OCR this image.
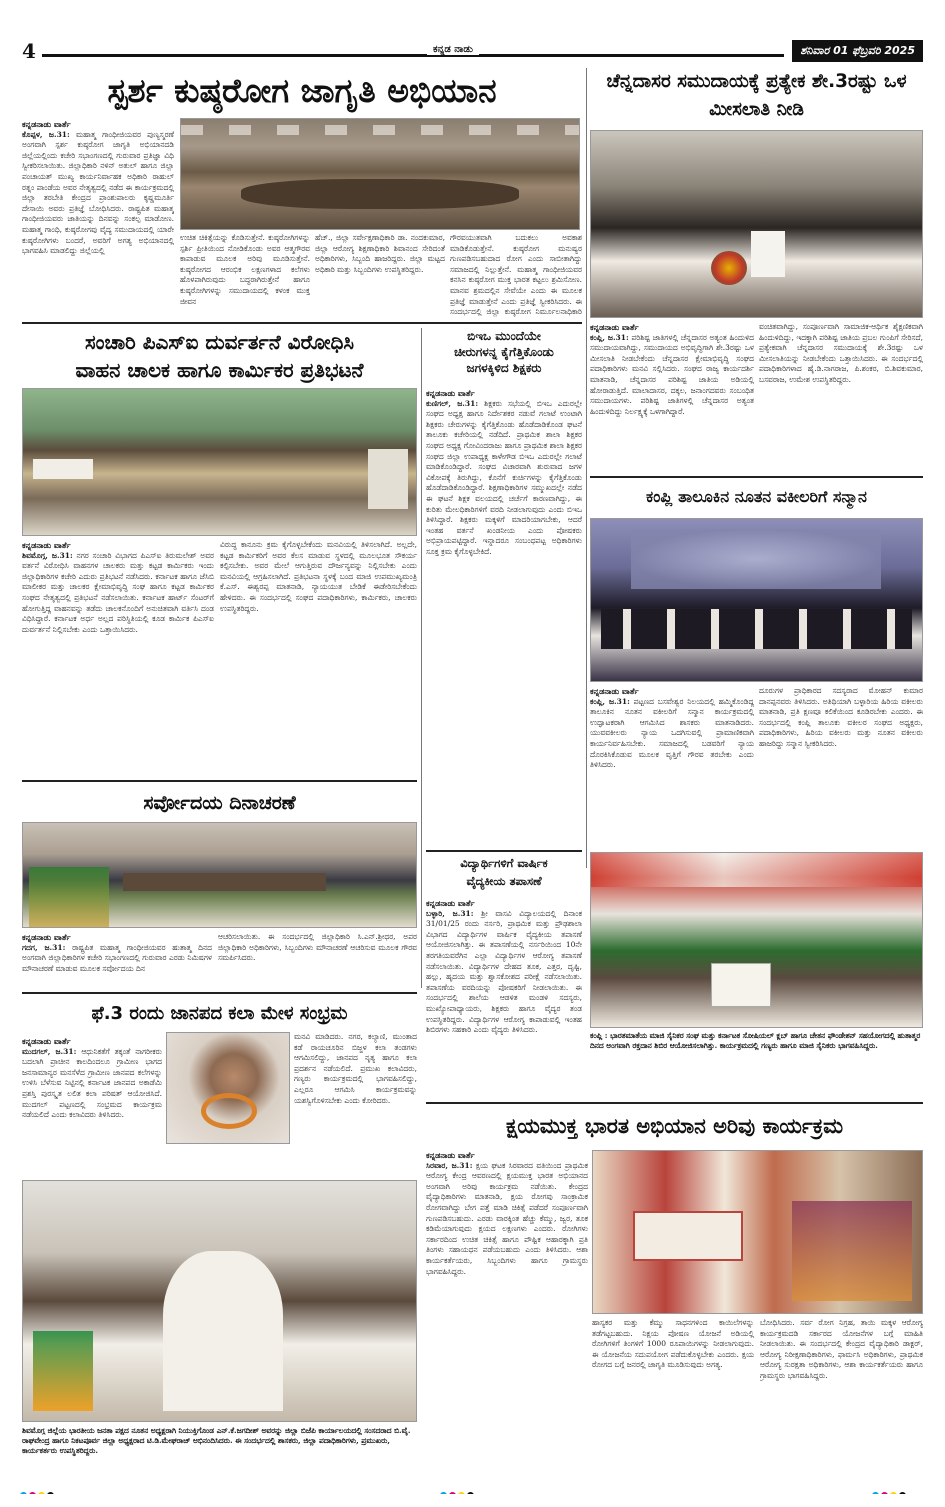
4	ಕನ್ನಡ ನಾಡು	ಶನಿವಾರ 01 ಫೆಬ್ರವರಿ 2025
ಸ್ಪರ್ಶ ಕುಷ್ಠರೋಗ ಜಾಗೃತಿ ಅಭಿಯಾನ
ಕನ್ನಡನಾಡು ವಾರ್ತೆ
ಕೊಪ್ಪಳ, ಜ.31: ಮಹಾತ್ಮ ಗಾಂಧೀಜಿಯವರ ಪುಣ್ಯಸ್ಮರಣೆ ಅಂಗವಾಗಿ ಸ್ಪರ್ಶ ಕುಷ್ಠರೋಗ ಜಾಗೃತಿ ಅಭಿಯಾನದಡಿ ಜಿಲ್ಲೆಯಲ್ಲಿಂದು ಕಚೇರಿ ಸಭಾಂಗಣದಲ್ಲಿ ಗುರುವಾರ ಪ್ರತಿಜ್ಞಾ ವಿಧಿ ಸ್ವೀಕರಿಸಲಾಯಿತು. ಜಿಲ್ಲಾಧಿಕಾರಿ ನಳಿನ್ ಅತುಲ್ ಹಾಗೂ ಜಿಲ್ಲಾ ಪಂಚಾಯತ್ ಮುಖ್ಯ ಕಾರ್ಯನಿರ್ವಾಹಕ ಅಧಿಕಾರಿ ರಾಹುಲ್ ರತ್ನಂ ಪಾಂಡೆಯ ಅವರ ನೇತೃತ್ವದಲ್ಲಿ ನಡೆದ ಈ ಕಾರ್ಯಕ್ರಮದಲ್ಲಿ ಜಿಲ್ಲಾ ತರಬೇತಿ ಕೇಂದ್ರದ ಪ್ರಾಂಶುಪಾಲರು ಕೃಷ್ಣಮೂರ್ತಿ ದೇಸಾಯಿ ಅವರು ಪ್ರತಿಜ್ಞೆ ಬೋಧಿಸಿದರು. ರಾಷ್ಟ್ರಪಿತ ಮಹಾತ್ಮ ಗಾಂಧೀಜಿಯವರು ಜಾತಿಯನ್ನು ದಿನವನ್ನು ಸಂಕಲ್ಪ ಮಾಡೋಣ. ಮಹಾತ್ಮ ಗಾಂಧಿ, ಕುಷ್ಠರೋಗವು ವೈದ್ಯ ಸಮುದಾಯದಲ್ಲಿ ಯಾರೇ ಕುಷ್ಠರೋಗಿಗಳು ಬಂದರೆ, ಅವರಿಗೆ ಅಗತ್ಯ ಅಭಿಯಾನದಲ್ಲಿ ಭಾಗವಹಿಸಿ ಮಾಡಲಿದ್ದು ಜಿಲ್ಲೆಯಲ್ಲಿ
ಉಚಿತ ಚಿಕಿತ್ಸೆಯನ್ನು ಕೊಡಿಸುತ್ತೇನೆ. ಕುಷ್ಠರೋಗಿಗಳನ್ನು ಸ್ಪರ್ಶಿ ಪ್ರೀತಿಯಿಂದ ನೋಡಿಕೊಂಡು ಅವರ ಆತ್ಮಗೌರವ ಕಾಪಾಡುವ ಮೂಲಕ ಅರಿವು ಮೂಡಿಸುತ್ತೇನೆ. ಕುಷ್ಠರೋಗದ ಆರಂಭಿಕ ಲಕ್ಷಣಗಳಾದ ಕಲೆಗಳು ಹೊಳಪಾಗಿರುವುದು ಬದ್ಧರಾಗಿರುತ್ತೇನೆ ಹಾಗೂ ಕುಷ್ಠರೋಗಿಗಳನ್ನು ಸಮುದಾಯದಲ್ಲಿ ಕಳಂಕ ಮುಕ್ತ ಜೀವನ
ಹೆಚ್., ಜಿಲ್ಲಾ ಸರ್ವೇಕ್ಷಣಾಧಿಕಾರಿ ಡಾ. ನಂದಕುಮಾರ, ಜಿಲ್ಲಾ ಆರೋಗ್ಯ ಶಿಕ್ಷಣಾಧಿಕಾರಿ ಶಿವಾನಂದ ಸೇರಿದಂತೆ ಅಧಿಕಾರಿಗಳು, ಸಿಬ್ಬಂದಿ ಹಾಜರಿದ್ದರು. ಜಿಲ್ಲಾ ಮಟ್ಟದ ಅಧಿಕಾರಿ ಮತ್ತು ಸಿಬ್ಬಂದಿಗಳು ಉಪಸ್ಥಿತರಿದ್ದರು.
ಗೌರವಯುತವಾಗಿ ಬದುಕಲು ಅವಕಾಶ ಮಾಡಿಕೊಡುತ್ತೇನೆ. ಕುಷ್ಠರೋಗ ಮನುಷ್ಯರ ಗುಣಪಡಿಸಬಹುದಾದ ರೋಗ ಎಂದು ಸಾಬೀತಾಗಿದ್ದು ಸಮಾಜದಲ್ಲಿ ನಿಲ್ಲುತ್ತೇನೆ. ಮಹಾತ್ಮ ಗಾಂಧೀಜಿಯವರ ಕನಸಿನ ಕುಷ್ಠರೋಗ ಮುಕ್ತ ಭಾರತ ಕಟ್ಟಲು ಶ್ರಮಿಸೋಣ. ಮಾನವ ಶ್ರಮದಲ್ಲಿನ ಸೇವೆಯೇ ಎಂದು ಈ ಮೂಲಕ ಪ್ರತಿಜ್ಞೆ ಮಾಡುತ್ತೇನೆ ಎಂದು ಪ್ರತಿಜ್ಞೆ ಸ್ವೀಕರಿಸಿದರು. ಈ ಸಂದರ್ಭದಲ್ಲಿ ಜಿಲ್ಲಾ ಕುಷ್ಠರೋಗ ನಿರ್ಮೂಲನಾಧಿಕಾರಿ
ಚೆನ್ನದಾಸರ ಸಮುದಾಯಕ್ಕೆ ಪ್ರತ್ಯೇಕ ಶೇ.3ರಷ್ಟು ಒಳ ಮೀಸಲಾತಿ ನೀಡಿ
ಕನ್ನಡನಾಡು ವಾರ್ತೆ
ಕಂಪ್ಲಿ, ಜ.31: ಪರಿಶಿಷ್ಟ ಜಾತಿಗಳಲ್ಲಿ ಚೆನ್ನದಾಸರ ಅತ್ಯಂತ ಹಿಂದುಳಿದ ಸಮುದಾಯವಾಗಿದ್ದು, ಸಮುದಾಯದ ಅಭಿವೃದ್ಧಿಗಾಗಿ ಶೇ.3ರಷ್ಟು ಒಳ ಮೀಸಲಾತಿ ನೀಡಬೇಕೆಂದು ಚೆನ್ನದಾಸರ ಕ್ಷೇಮಾಭಿವೃದ್ಧಿ ಸಂಘದ ಪದಾಧಿಕಾರಿಗಳು ಮನವಿ ಸಲ್ಲಿಸಿದರು. ಸಂಘದ ರಾಜ್ಯ ಕಾರ್ಯದರ್ಶಿ ಮಾತನಾಡಿ, ಚೆನ್ನದಾಸರ ಪರಿಶಿಷ್ಟ ಜಾತಿಯ ಅಡಿಯಲ್ಲಿ ಹೋರಾಡುತ್ತಿದೆ. ಮಾಲಾದಾಸರ, ದಕ್ಕಲ, ಜನಾಂಗದವರು ಸಂಬಂಧಿತ ಸಮುದಾಯಗಳು. ಪರಿಶಿಷ್ಟ ಜಾತಿಗಳಲ್ಲಿ ಚೆನ್ನದಾಸರ ಅತ್ಯಂತ ಹಿಂದುಳಿದಿದ್ದು ನಿರ್ಲಕ್ಷ್ಯಕ್ಕೆ ಒಳಗಾಗಿದ್ದಾರೆ.
ವಂಚಿತವಾಗಿದ್ದು, ಸಂಪೂರ್ಣವಾಗಿ ಸಾಮಾಜಿಕ-ಆರ್ಥಿಕ ಶೈಕ್ಷಣಿಕವಾಗಿ ಹಿಂದುಳಿದಿದ್ದು, ಇದಕ್ಕಾಗಿ ಪರಿಶಿಷ್ಟ ಜಾತಿಯ ಪ್ರಬಲ ಗುಂಪಿಗೆ ಸೇರಿಸದೆ, ಪ್ರತ್ಯೇಕವಾಗಿ ಚೆನ್ನದಾಸರ ಸಮುದಾಯಕ್ಕೆ ಶೇ.3ರಷ್ಟು ಒಳ ಮೀಸಲಾತಿಯನ್ನು ನೀಡಬೇಕೆಂದು ಒತ್ತಾಯಿಸಿದರು. ಈ ಸಂದರ್ಭದಲ್ಲಿ ಪದಾಧಿಕಾರಿಗಳಾದ ಹೈ.ಡಿ.ನಾಗರಾಜ, ಪಿ.ಶಂಕರ, ಬಿ.ಶಿವಕುಮಾರ, ಬಸವರಾಜ, ಉಮೇಶ ಉಪಸ್ಥಿತರಿದ್ದರು.
ಸಂಚಾರಿ ಪಿಎಸ್‌ಐ ದುರ್ವರ್ತನೆ ವಿರೋಧಿಸಿ
ವಾಹನ ಚಾಲಕ ಹಾಗೂ ಕಾರ್ಮಿಕರ ಪ್ರತಿಭಟನೆ
ಕನ್ನಡನಾಡು ವಾರ್ತೆ
ಶಿವಮೊಗ್ಗ, ಜ.31: ನಗರ ಸಂಚಾರಿ ವಿಭಾಗದ ಪಿಎಸ್‌ಐ ತಿರುಮಲೇಶ್ ಅವರ ವರ್ತನೆ ವಿರೋಧಿಸಿ ವಾಹನಗಳ ಚಾಲಕರು ಮತ್ತು ಕಟ್ಟಡ ಕಾರ್ಮಿಕರು ಇಂದು ಜಿಲ್ಲಾಧಿಕಾರಿಗಳ ಕಚೇರಿ ಎದುರು ಪ್ರತಿಭಟನೆ ನಡೆಸಿದರು. ಕರ್ನಾಟಕ ಹಾಗೂ ಜೆಸಿಬಿ ಮಾಲೀಕರ ಮತ್ತು ಚಾಲಕರ ಕ್ಷೇಮಾಭಿವೃದ್ಧಿ ಸಂಘ ಹಾಗೂ ಕಟ್ಟಡ ಕಾರ್ಮಿಕರ ಸಂಘದ ನೇತೃತ್ವದಲ್ಲಿ ಪ್ರತಿಭಟನೆ ನಡೆಸಲಾಯಿತು. ಕರ್ನಾಟಕ ಹಾರ್ಟ್ ಸೆಂಟರ್‌ಗೆ ಹೋಗುತ್ತಿದ್ದ ವಾಹನವನ್ನು ತಡೆದು ಚಾಲಕನೊಂದಿಗೆ ಅನುಚಿತವಾಗಿ ವರ್ತಿಸಿ ದಂಡ ವಿಧಿಸಿದ್ದಾರೆ. ಕರ್ನಾಟಕ ಅರ್ಧ ಅಲ್ಲದ ಪರಿಸ್ಥಿತಿಯಲ್ಲಿ ಕೂಡ ಕಾರ್ಮಿಕ ಪಿಎಸ್‌ಐ ದುರ್ವರ್ತನೆ ನಿಲ್ಲಿಸಬೇಕು ಎಂದು ಒತ್ತಾಯಿಸಿದರು.
ವಿರುದ್ಧ ಕಾನೂನು ಕ್ರಮ ಕೈಗೊಳ್ಳಬೇಕೆಂದು ಮನವಿಯಲ್ಲಿ ತಿಳಿಸಲಾಗಿದೆ. ಅಲ್ಲದೇ, ಕಟ್ಟಡ ಕಾರ್ಮಿಕರಿಗೆ ಅವರ ಕೆಲಸ ಮಾಡುವ ಸ್ಥಳದಲ್ಲಿ ಮೂಲಭೂತ ಸೌಕರ್ಯ ಕಲ್ಪಿಸಬೇಕು. ಅವರ ಮೇಲೆ ಆಗುತ್ತಿರುವ ದೌರ್ಜನ್ಯವನ್ನು ನಿಲ್ಲಿಸಬೇಕು ಎಂದು ಮನವಿಯಲ್ಲಿ ಆಗ್ರಹಿಸಲಾಗಿದೆ. ಪ್ರತಿಭಟನಾ ಸ್ಥಳಕ್ಕೆ ಬಂದ ಮಾಜಿ ಉಪಮುಖ್ಯಮಂತ್ರಿ ಕೆ.ಎಸ್. ಈಶ್ವರಪ್ಪ ಮಾತನಾಡಿ, ನ್ಯಾಯಯುತ ಬೇಡಿಕೆ ಈಡೇರಿಸಬೇಕೆಂದು ಹೇಳಿದರು. ಈ ಸಂದರ್ಭದಲ್ಲಿ ಸಂಘದ ಪದಾಧಿಕಾರಿಗಳು, ಕಾರ್ಮಿಕರು, ಚಾಲಕರು ಉಪಸ್ಥಿತರಿದ್ದರು.
ಬಿಇಒ ಮುಂದೆಯೇ
ಚೀರುಗಳನ್ನ ಕೈಗೆತ್ತಿಕೊಂಡು
ಜಗಳಕ್ಕಿಳಿದ ಶಿಕ್ಷಕರು
ಕನ್ನಡನಾಡು ವಾರ್ತೆ
ಕುಣಿಗಲ್, ಜ.31: ಶಿಕ್ಷಕರು ಸಭೆಯಲ್ಲಿ ಬಿಇಒ ಎದುರಲ್ಲೇ ಸಂಘದ ಅಧ್ಯಕ್ಷ ಹಾಗೂ ನಿರ್ದೇಶಕರ ನಡುವೆ ಗಲಾಟೆ ಉಂಟಾಗಿ ಶಿಕ್ಷಕರು ಚೇರುಗಳನ್ನು ಕೈಗೆತ್ತಿಕೊಂಡು ಹೊಡೆದಾಡಿಕೊಂಡ ಘಟನೆ ತಾಲೂಕು ಕಚೇರಿಯಲ್ಲಿ ನಡೆದಿದೆ. ಪ್ರಾಥಮಿಕ ಶಾಲಾ ಶಿಕ್ಷಕರ ಸಂಘದ ಅಧ್ಯಕ್ಷ ಗೋವಿಂದರಾಜು ಹಾಗೂ ಪ್ರಾಥಮಿಕ ಶಾಲಾ ಶಿಕ್ಷಕರ ಸಂಘದ ಜಿಲ್ಲಾ ಉಪಾಧ್ಯಕ್ಷ ಕಾಳೇಗೌಡ ಬಿಇಒ ಎದುರಲ್ಲೇ ಗಲಾಟೆ ಮಾಡಿಕೊಂಡಿದ್ದಾರೆ. ಸಂಘದ ವಿಚಾರವಾಗಿ ಶುರುವಾದ ಜಗಳ ವಿಕೋಪಕ್ಕೆ ತಿರುಗಿದ್ದು, ಕೊನೆಗೆ ಕುರ್ಚಿಗಳನ್ನು ಕೈಗೆತ್ತಿಕೊಂಡು ಹೊಡೆದಾಡಿಕೊಂಡಿದ್ದಾರೆ. ಶಿಕ್ಷಣಾಧಿಕಾರಿಗಳ ಸಮ್ಮುಖದಲ್ಲೇ ನಡೆದ ಈ ಘಟನೆ ಶಿಕ್ಷಕ ವಲಯದಲ್ಲಿ ಚರ್ಚೆಗೆ ಕಾರಣವಾಗಿದ್ದು, ಈ ಕುರಿತು ಮೇಲಧಿಕಾರಿಗಳಿಗೆ ವರದಿ ನೀಡಲಾಗುವುದು ಎಂದು ಬಿಇಒ ತಿಳಿಸಿದ್ದಾರೆ. ಶಿಕ್ಷಕರು ಮಕ್ಕಳಿಗೆ ಮಾದರಿಯಾಗಬೇಕು, ಆದರೆ ಇಂತಹ ವರ್ತನೆ ಖಂಡನೀಯ ಎಂದು ಪೋಷಕರು ಅಭಿಪ್ರಾಯಪಟ್ಟಿದ್ದಾರೆ. ಇನ್ನಾದರೂ ಸಂಬಂಧಪಟ್ಟ ಅಧಿಕಾರಿಗಳು ಸೂಕ್ತ ಕ್ರಮ ಕೈಗೊಳ್ಳಬೇಕಿದೆ.
ಕಂಪ್ಲಿ ತಾಲೂಕಿನ ನೂತನ ವಕೀಲರಿಗೆ ಸನ್ಮಾನ
ಕನ್ನಡನಾಡು ವಾರ್ತೆ
ಕಂಪ್ಲಿ, ಜ.31: ಪಟ್ಟಣದ ಬಸವೇಶ್ವರ ನಿಲಯದಲ್ಲಿ ಹಮ್ಮಿಕೊಂಡಿದ್ದ ತಾಲೂಕಿನ ನೂತನ ವಕೀಲರಿಗೆ ಸನ್ಮಾನ ಕಾರ್ಯಕ್ರಮದಲ್ಲಿ ಉದ್ಘಾಟಕರಾಗಿ ಆಗಮಿಸಿದ ಶಾಸಕರು ಮಾತನಾಡಿದರು. ಯುವವಕೀಲರು ನ್ಯಾಯ ಒದಗಿಸುವಲ್ಲಿ ಪ್ರಾಮಾಣಿಕವಾಗಿ ಕಾರ್ಯನಿರ್ವಹಿಸಬೇಕು. ಸಮಾಜದಲ್ಲಿ ಬಡವರಿಗೆ ನ್ಯಾಯ ದೊರಕಿಸಿಕೊಡುವ ಮೂಲಕ ವೃತ್ತಿಗೆ ಗೌರವ ತರಬೇಕು ಎಂದು ತಿಳಿಸಿದರು.
ದೂರುಗಳ ಪ್ರಾಧಿಕಾರದ ಸದಸ್ಯರಾದ ಮೋಹನ್ ಕುಮಾರ ದಾನಪ್ಪನವರು ತಿಳಿಸಿದರು. ಅತಿಥಿಯಾಗಿ ಬಳ್ಳಾರಿಯ ಹಿರಿಯ ವಕೀಲರು ಮಾತನಾಡಿ, ಪ್ರತಿ ಕ್ಷಣವೂ ಕಲಿಕೆಯಿಂದ ಕೂಡಿರಬೇಕು ಎಂದರು. ಈ ಸಂದರ್ಭದಲ್ಲಿ ಕಂಪ್ಲಿ ತಾಲೂಕು ವಕೀಲರ ಸಂಘದ ಅಧ್ಯಕ್ಷರು, ಪದಾಧಿಕಾರಿಗಳು, ಹಿರಿಯ ವಕೀಲರು ಮತ್ತು ನೂತನ ವಕೀಲರು ಹಾಜರಿದ್ದು ಸನ್ಮಾನ ಸ್ವೀಕರಿಸಿದರು.
ಸರ್ವೋದಯ ದಿನಾಚರಣೆ
ಕನ್ನಡನಾಡು ವಾರ್ತೆ
ಗದಗ, ಜ.31: ರಾಷ್ಟ್ರಪಿತ ಮಹಾತ್ಮ ಗಾಂಧೀಜಿಯವರ ಹುತಾತ್ಮ ದಿನದ ಅಂಗವಾಗಿ ಜಿಲ್ಲಾಧಿಕಾರಿಗಳ ಕಚೇರಿ ಸಭಾಂಗಣದಲ್ಲಿ ಗುರುವಾರ ಎರಡು ನಿಮಿಷಗಳ ಮೌನಾಚರಣೆ ಮಾಡುವ ಮೂಲಕ ಸರ್ವೋದಯ ದಿನ
ಆಚರಿಸಲಾಯಿತು. ಈ ಸಂದರ್ಭದಲ್ಲಿ ಜಿಲ್ಲಾಧಿಕಾರಿ ಸಿ.ಎನ್.ಶ್ರೀಧರ, ಅಪರ ಜಿಲ್ಲಾಧಿಕಾರಿ ಅಧಿಕಾರಿಗಳು, ಸಿಬ್ಬಂದಿಗಳು ಮೌನಾಚರಣೆ ಆಚರಿಸುವ ಮೂಲಕ ಗೌರವ ಸಮರ್ಪಿಸಿದರು.
ವಿದ್ಯಾರ್ಥಿಗಳಿಗೆ ವಾರ್ಷಿಕ
ವೈದ್ಯಕೀಯ ತಪಾಸಣೆ
ಕನ್ನಡನಾಡು ವಾರ್ತೆ
ಬಳ್ಳಾರಿ, ಜ.31: ಶ್ರೀ ವಾಸವಿ ವಿದ್ಯಾಲಯದಲ್ಲಿ ದಿನಾಂಕ 31/01/25 ರಂದು ನರ್ಸರಿ, ಪ್ರಾಥಮಿಕ ಮತ್ತು ಪ್ರೌಢಶಾಲಾ ವಿಭಾಗದ ವಿದ್ಯಾರ್ಥಿಗಳ ವಾರ್ಷಿಕ ವೈದ್ಯಕೀಯ ತಪಾಸಣೆ ಆಯೋಜಿಸಲಾಗಿತ್ತು. ಈ ತಪಾಸಣೆಯಲ್ಲಿ ನರ್ಸರಿಯಿಂದ 10ನೇ ತರಗತಿಯವರೆಗಿನ ಎಲ್ಲಾ ವಿದ್ಯಾರ್ಥಿಗಳ ಆರೋಗ್ಯ ತಪಾಸಣೆ ನಡೆಸಲಾಯಿತು. ವಿದ್ಯಾರ್ಥಿಗಳ ದೇಹದ ತೂಕ, ಎತ್ತರ, ದೃಷ್ಟಿ, ಹಲ್ಲು, ಹೃದಯ ಮತ್ತು ಶ್ವಾಸಕೋಶದ ಪರೀಕ್ಷೆ ನಡೆಸಲಾಯಿತು. ತಪಾಸಣೆಯ ವರದಿಯನ್ನು ಪೋಷಕರಿಗೆ ನೀಡಲಾಯಿತು. ಈ ಸಂದರ್ಭದಲ್ಲಿ ಶಾಲೆಯ ಆಡಳಿತ ಮಂಡಳಿ ಸದಸ್ಯರು, ಮುಖ್ಯೋಪಾಧ್ಯಾಯರು, ಶಿಕ್ಷಕರು ಹಾಗೂ ವೈದ್ಯರ ತಂಡ ಉಪಸ್ಥಿತರಿದ್ದರು. ವಿದ್ಯಾರ್ಥಿಗಳ ಆರೋಗ್ಯ ಕಾಪಾಡುವಲ್ಲಿ ಇಂತಹ ಶಿಬಿರಗಳು ಸಹಕಾರಿ ಎಂದು ವೈದ್ಯರು ತಿಳಿಸಿದರು.
ಕಂಪ್ಲಿ : ಭಾರತಮಾತೆಯ ಮಾಜಿ ಸೈನಿಕರ ಸಂಘ ಮತ್ತು ಕರ್ನಾಟಕ ಸೋಷಿಯಲ್ ಕ್ಲಬ್ ಹಾಗೂ ಚೇತನ ಫೌಂಡೇಶನ್ ಸಹಯೋಗದಲ್ಲಿ ಹುತಾತ್ಮರ ದಿನದ ಅಂಗವಾಗಿ ರಕ್ತದಾನ ಶಿಬಿರ ಆಯೋಜಿಸಲಾಗಿತ್ತು. ಕಾರ್ಯಕ್ರಮದಲ್ಲಿ ಗಣ್ಯರು ಹಾಗೂ ಮಾಜಿ ಸೈನಿಕರು ಭಾಗವಹಿಸಿದ್ದರು.
ಫೆ.3 ರಂದು ಜಾನಪದ ಕಲಾ ಮೇಳ ಸಂಭ್ರಮ
ಕನ್ನಡನಾಡು ವಾರ್ತೆ
ಮುದಗಲ್, ಜ.31: ಆಧುನಿಕತೆಗೆ ತಕ್ಕಂತೆ ನಾಗರೀಕರು ಬದಲಾಗಿ ಪ್ರಾಚೀನ ಕಾಲದಿಂದಲೂ ಗ್ರಾಮೀಣ ಭಾಗದ ಜನಸಾಮಾನ್ಯರ ಮನಸೆಳೆದ ಗ್ರಾಮೀಣ ಜಾನಪದ ಕಲೆಗಳನ್ನು ಉಳಿಸಿ ಬೆಳೆಸುವ ನಿಟ್ಟಿನಲ್ಲಿ ಕರ್ನಾಟಕ ಜಾನಪದ ಅಕಾಡೆಮಿ ಪ್ರಶಸ್ತಿ ಪುರಸ್ಕೃತ ಲಲಿತ ಕಲಾ ಪರಿಷತ್ ಆಯೋಜಿಸಿದೆ. ಮುದಗಲ್ ಪಟ್ಟಣದಲ್ಲಿ ಸಂಭ್ರಮದ ಕಾರ್ಯಕ್ರಮ ನಡೆಯಲಿದೆ ಎಂದು ಕಲಾವಿದರು ತಿಳಿಸಿದರು.
ಮನವಿ ಮಾಡಿದರು. ನಗರ, ಕಲ್ಯಾಣಿ, ಮುಂತಾದ ಕಡೆ ರಾಯಚೂರಿನ ಬಿಜ್ಜಳ ಕಲಾ ತಂಡಗಳು ಆಗಮಿಸಲಿದ್ದು, ಜಾನಪದ ನೃತ್ಯ ಹಾಗೂ ಕಲಾ ಪ್ರದರ್ಶನ ನಡೆಯಲಿದೆ. ಪ್ರಮುಖ ಕಲಾವಿದರು, ಗಣ್ಯರು ಕಾರ್ಯಕ್ರಮದಲ್ಲಿ ಭಾಗವಹಿಸಲಿದ್ದು, ಎಲ್ಲರೂ ಆಗಮಿಸಿ ಕಾರ್ಯಕ್ರಮವನ್ನು ಯಶಸ್ವಿಗೊಳಿಸಬೇಕು ಎಂದು ಕೋರಿದರು.
ಕ್ಷಯಮುಕ್ತ ಭಾರತ ಅಭಿಯಾನ ಅರಿವು ಕಾರ್ಯಕ್ರಮ
ಕನ್ನಡನಾಡು ವಾರ್ತೆ
ಸಿರವಾರ, ಜ.31: ಕ್ಷಯ ಘಟಕ ಸಿರವಾರದ ವತಿಯಿಂದ ಪ್ರಾಥಮಿಕ ಆರೋಗ್ಯ ಕೇಂದ್ರ ಆವರಣದಲ್ಲಿ ಕ್ಷಯಮುಕ್ತ ಭಾರತ ಅಭಿಯಾನದ ಅಂಗವಾಗಿ ಅರಿವು ಕಾರ್ಯಕ್ರಮ ನಡೆಯಿತು. ಕೇಂದ್ರದ ವೈದ್ಯಾಧಿಕಾರಿಗಳು ಮಾತನಾಡಿ, ಕ್ಷಯ ರೋಗವು ಸಾಂಕ್ರಾಮಿಕ ರೋಗವಾಗಿದ್ದು ಬೇಗ ಪತ್ತೆ ಮಾಡಿ ಚಿಕಿತ್ಸೆ ಪಡೆದರೆ ಸಂಪೂರ್ಣವಾಗಿ ಗುಣಪಡಿಸಬಹುದು. ಎರಡು ವಾರಕ್ಕಿಂತ ಹೆಚ್ಚು ಕೆಮ್ಮು, ಜ್ವರ, ತೂಕ ಕಡಿಮೆಯಾಗುವುದು ಕ್ಷಯದ ಲಕ್ಷಣಗಳು ಎಂದರು. ರೋಗಿಗಳು ಸರ್ಕಾರದಿಂದ ಉಚಿತ ಚಿಕಿತ್ಸೆ ಹಾಗೂ ಪೌಷ್ಟಿಕ ಆಹಾರಕ್ಕಾಗಿ ಪ್ರತಿ ತಿಂಗಳು ಸಹಾಯಧನ ಪಡೆಯಬಹುದು ಎಂದು ತಿಳಿಸಿದರು. ಆಶಾ ಕಾರ್ಯಕರ್ತೆಯರು, ಸಿಬ್ಬಂದಿಗಳು ಹಾಗೂ ಗ್ರಾಮಸ್ಥರು ಭಾಗವಹಿಸಿದ್ದರು.
ಹಾಸ್ಯಕರ ಮತ್ತು ಕೆಮ್ಮು ಸಾಧನಗಳಿಂದ ಕಾಯಿಲೆಗಳನ್ನು ತಡೆಗಟ್ಟಬಹುದು. ನಿಕ್ಷಯ ಪೋಷಣ ಯೋಜನೆ ಅಡಿಯಲ್ಲಿ ರೋಗಿಗಳಿಗೆ ತಿಂಗಳಿಗೆ 1000 ರೂಪಾಯಿಗಳನ್ನು ನೀಡಲಾಗುವುದು. ಈ ಯೋಜನೆಯ ಸದುಪಯೋಗ ಪಡೆದುಕೊಳ್ಳಬೇಕು ಎಂದರು. ಕ್ಷಯ ರೋಗದ ಬಗ್ಗೆ ಜನರಲ್ಲಿ ಜಾಗೃತಿ ಮೂಡಿಸುವುದು ಅಗತ್ಯ.
ಬೋಧಿಸಿದರು. ಸರ್ವ ರೋಗ ನಿಗ್ರಹ, ತಾಯಿ ಮಕ್ಕಳ ಆರೋಗ್ಯ ಕಾರ್ಯಕ್ರಮದಡಿ ಸರ್ಕಾರದ ಯೋಜನೆಗಳ ಬಗ್ಗೆ ಮಾಹಿತಿ ನೀಡಲಾಯಿತು. ಈ ಸಂದರ್ಭದಲ್ಲಿ ಕೇಂದ್ರದ ವೈದ್ಯಾಧಿಕಾರಿ ಡಾಕ್ಟರ್, ಆರೋಗ್ಯ ನಿರೀಕ್ಷಣಾಧಿಕಾರಿಗಳು, ಫಾರ್ಮಸಿ ಅಧಿಕಾರಿಗಳು, ಪ್ರಾಥಮಿಕ ಆರೋಗ್ಯ ಸುರಕ್ಷತಾ ಅಧಿಕಾರಿಗಳು, ಆಶಾ ಕಾರ್ಯಕರ್ತೆಯರು ಹಾಗೂ ಗ್ರಾಮಸ್ಥರು ಭಾಗವಹಿಸಿದ್ದರು.
ಶಿವಮೊಗ್ಗ ಜಿಲ್ಲೆಯ ಭಾರತೀಯ ಜನತಾ ಪಕ್ಷದ ನೂತನ ಅಧ್ಯಕ್ಷರಾಗಿ ನಿಯುಕ್ತಿಗೊಂಡ ಎನ್.ಕೆ.ಜಗದೀಶ್ ಅವರನ್ನು ಜಿಲ್ಲಾ ಬಿಜೆಪಿ ಕಾರ್ಯಾಲಯದಲ್ಲಿ ಸಂಸದರಾದ ಬಿ.ವೈ. ರಾಘವೇಂದ್ರ ಹಾಗೂ ನಿಕಟಪೂರ್ವ ಜಿಲ್ಲಾ ಅಧ್ಯಕ್ಷರಾದ ಟಿ.ಡಿ.ಮೇಘರಾಜ್ ಅಭಿನಂದಿಸಿದರು. ಈ ಸಂದರ್ಭದಲ್ಲಿ ಶಾಸಕರು, ಜಿಲ್ಲಾ ಪದಾಧಿಕಾರಿಗಳು, ಪ್ರಮುಖರು, ಕಾರ್ಯಕರ್ತರು ಉಪಸ್ಥಿತರಿದ್ದರು.
